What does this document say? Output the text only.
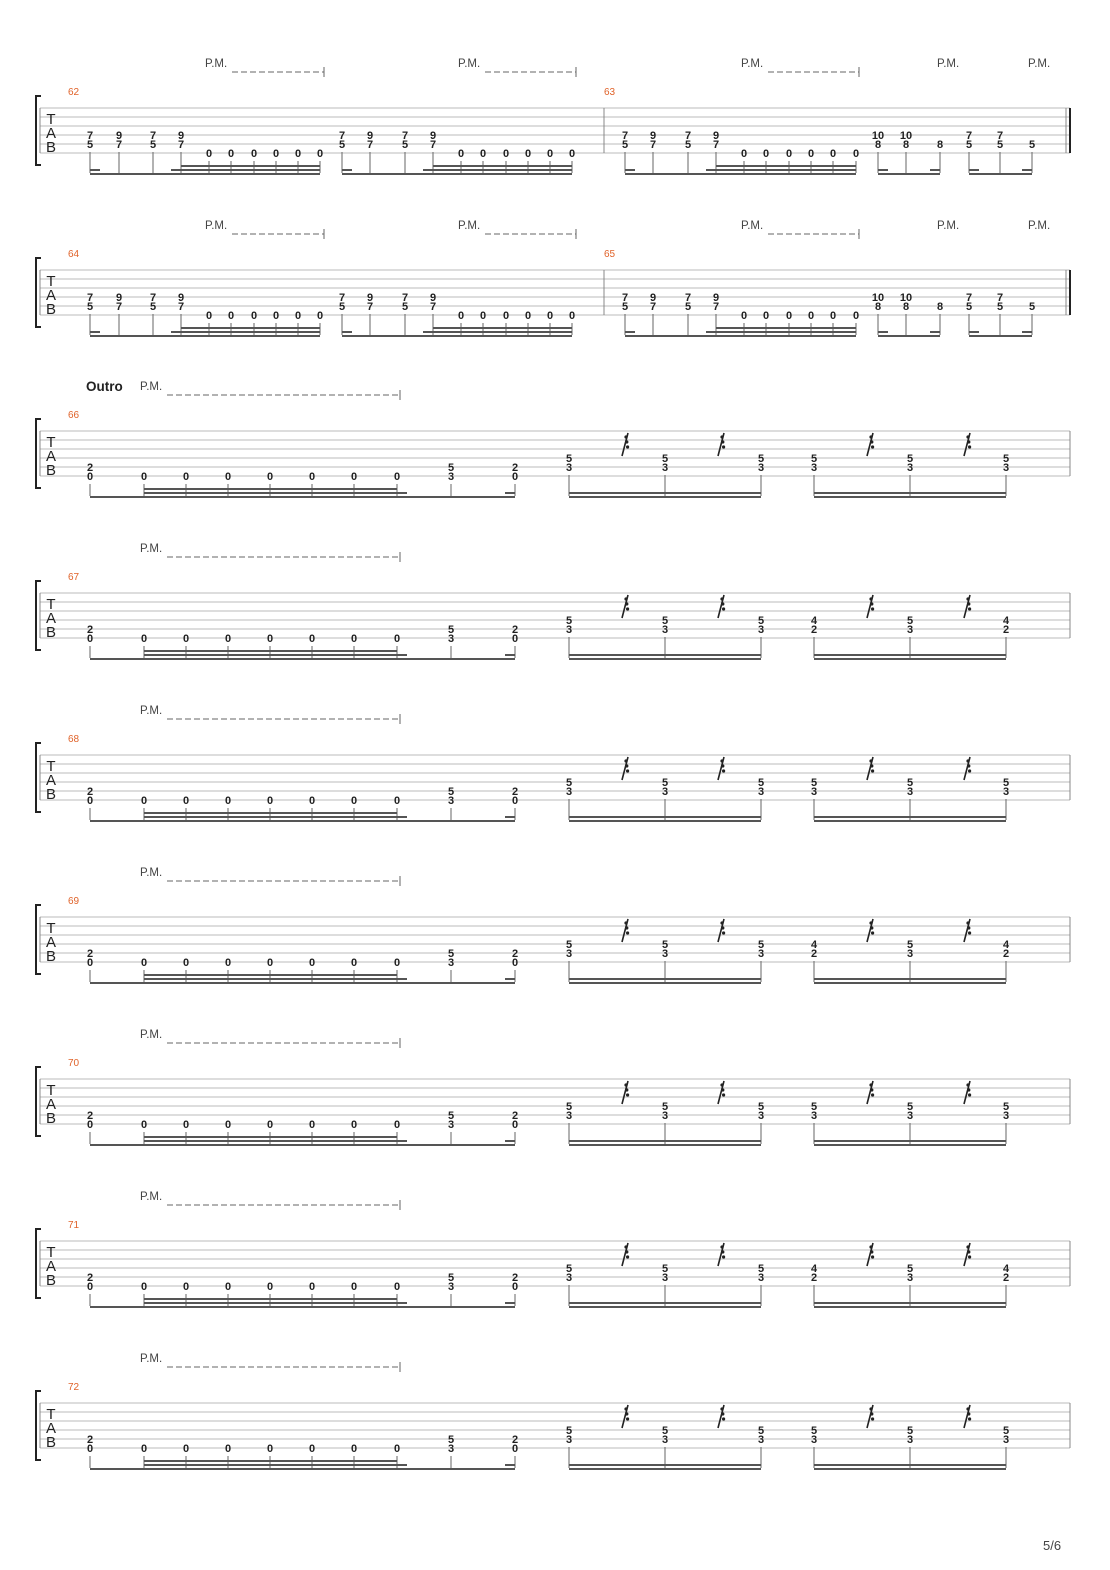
T
A
B
62	63
7
5
9
7
7
5
9
7
0 0 0 0 0 0
7
5
9
7
7
5
9
7
0 0 0 0 0 0
7
5
9
7
7
5
9
7
0 0 0 0 0 0
10
8
10
8	8
7
5
7
5 5
P.M.	P.M.	P.M.	P.M.	P.M.
T
A
B
64	65
7
5
9
7
7
5
9
7
0 0 0 0 0 0
7
5
9
7
7
5
9
7
0 0 0 0 0 0
7
5
9
7
7
5
9
7
0 0 0 0 0 0
10
8
10
8	8
7
5
7
5 5
P.M.	P.M.	P.M.	P.M.	P.M.
T
A
B
66
2
0	0	0	0	0	0	0	0
5
3
2
0
5
3
5
3
5
3
5
3
5
3
5
3
P.M.
Outro
T
A
B
67
2
0	0	0	0	0	0	0	0
5
3
2
0
5
3
5
3
5
3
4
2
5
3
4
2
P.M.
T
A
B
68
2
0	0	0	0	0	0	0	0
5
3
2
0
5
3
5
3
5
3
5
3
5
3
5
3
P.M.
T
A
B
69
2
0	0	0	0	0	0	0	0
5
3
2
0
5
3
5
3
5
3
4
2
5
3
4
2
P.M.
T
A
B
70
2
0	0	0	0	0	0	0	0
5
3
2
0
5
3
5
3
5
3
5
3
5
3
5
3
P.M.
T
A
B
71
2
0	0	0	0	0	0	0	0
5
3
2
0
5
3
5
3
5
3
4
2
5
3
4
2
P.M.
T
A
B
72
2
0	0	0	0	0	0	0	0
5
3
2
0
5
3
5
3
5
3
5
3
5
3
5
3
P.M.
5/6
